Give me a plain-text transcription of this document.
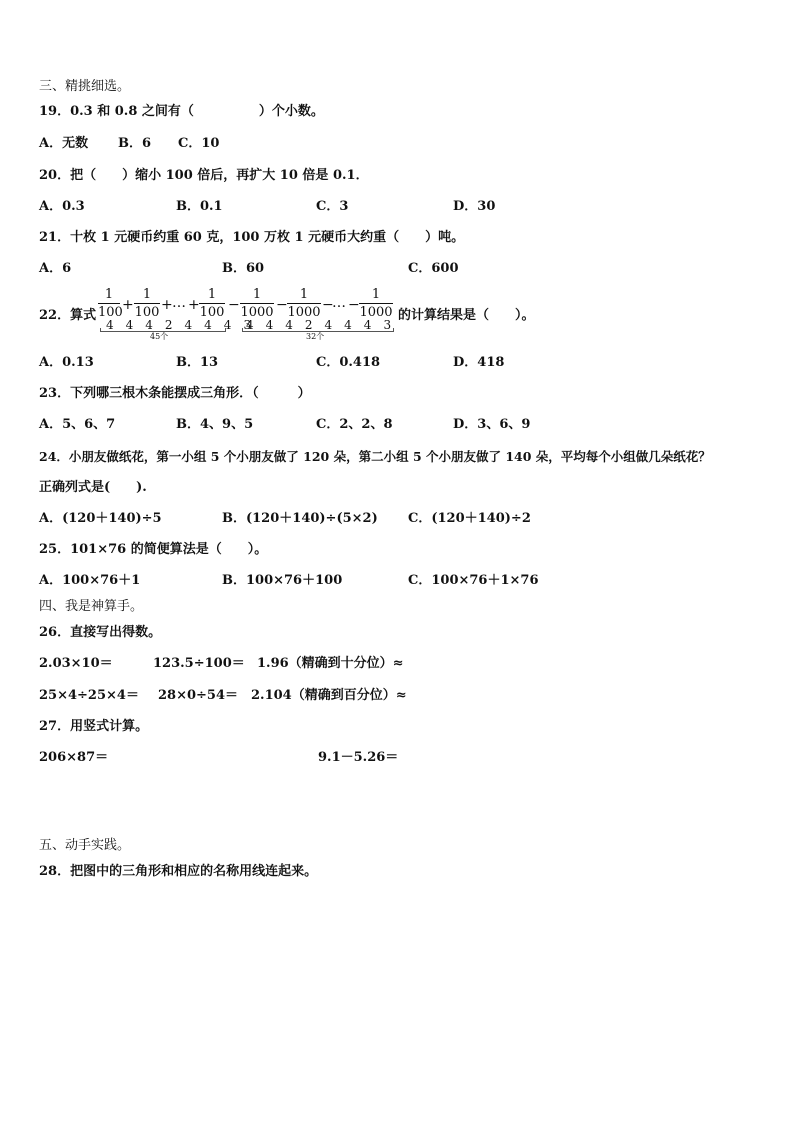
三、精挑细选。
19．0.3 和 0.8 之间有（　　　　　）个小数。
A．无数 B．6 C．10
20．把（　　）缩小 100 倍后，再扩大 10 倍是 0.1．
A．0.3	B．0.1	C．3	D．30
21．十枚 1 元硬币约重 60 克，100 万枚 1 元硬币大约重（　　）吨。
A．6	B．60	C．600
22．算式
1
100 +
1
100 + … +
1
100 −
1
1000 −
1
1000 −
… −
1
1000
4　4　4　2　4　4　4　3
4　4　4　2　4　4　4　3
45个	32个
的计算结果是（　　）。
A．0.13	B．13	C．0.418	D．418
23．下列哪三根木条能摆成三角形．（　　　）
A．5、6、7	B．4、9、5	C．2、2、8	D．3、6、9
24．小朋友做纸花，第一小组 5 个小朋友做了 120 朵，第二小组 5 个小朋友做了 140 朵，平均每个小组做几朵纸花？
正确列式是(　　).
A．(120＋140)÷5	B．(120＋140)÷(5×2) C．(120＋140)÷2
25．101×76 的简便算法是（　　）。
A．100×76＋1	B．100×76＋100	C．100×76＋1×76
四、我是神算手。
26．直接写出得数。
2.03×10＝	123.5÷100＝ 1.96（精确到十分位）≈
25×4÷25×4＝ 28×0÷54＝ 2.104（精确到百分位）≈
27．用竖式计算。
206×87＝	9.1－5.26＝
五、动手实践。
28．把图中的三角形和相应的名称用线连起来。
